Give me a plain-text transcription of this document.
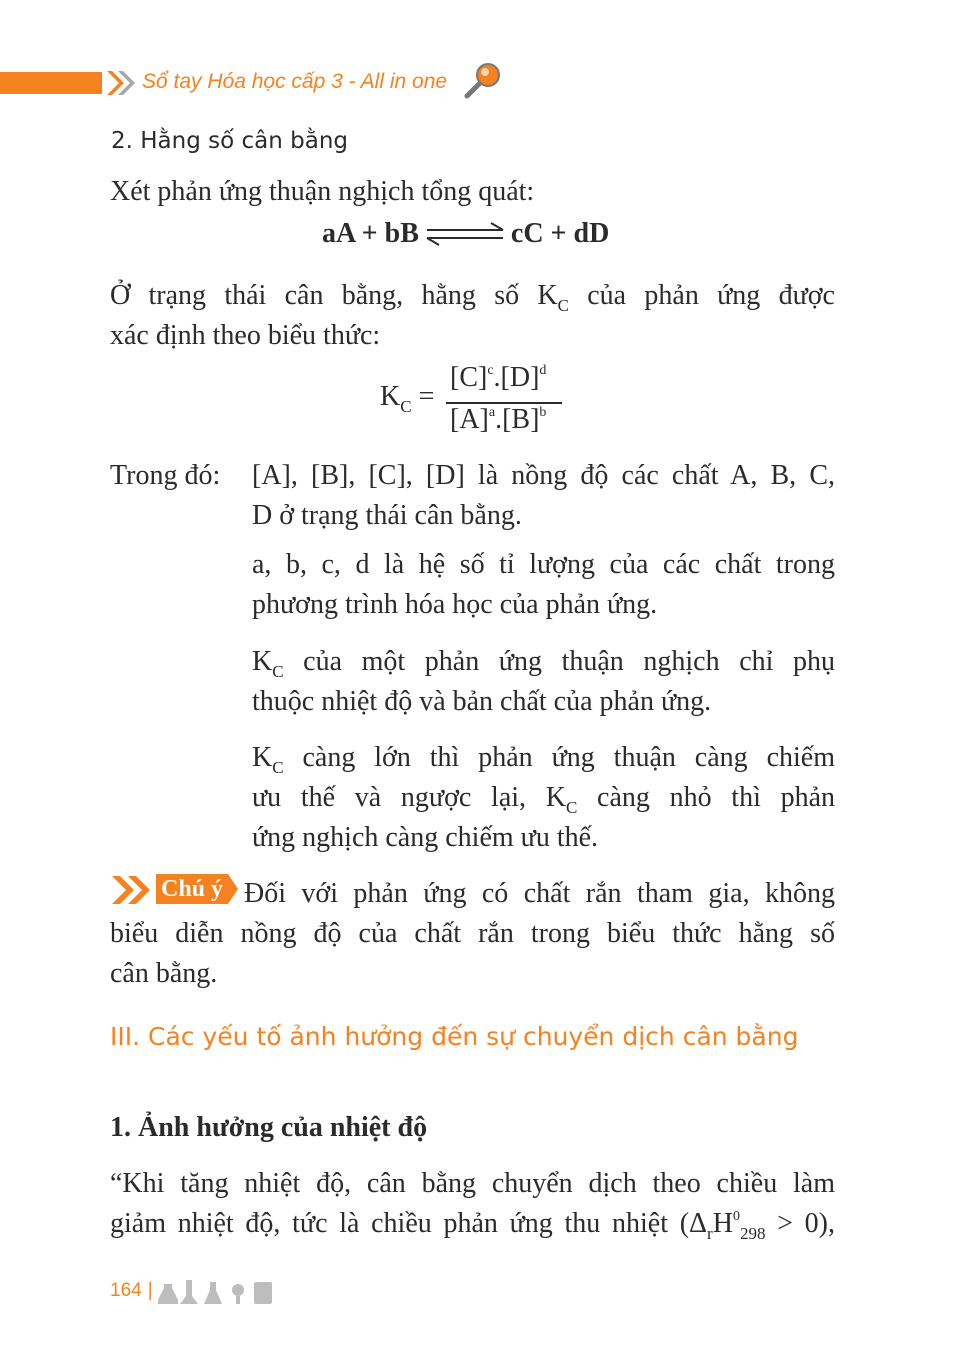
Sổ tay Hóa học cấp 3 - All in one
2. Hằng số cân bằng

Xét phản ứng thuận nghịch tổng quát:

aA + bB ⇌ cC + dD

Ở trạng thái cân bằng, hằng số $K_C$ của phản ứng được

xác định theo biểu thức:

$K_C$ =
$[C]^c.[D]^d$
$[A]^a.[B]^b$

Trong đó: [A], [B], [C], [D] là nồng độ các chất A, B, C,

D ở trạng thái cân bằng.

a, b, c, d là hệ số tỉ lượng của các chất trong

phương trình hóa học của phản ứng.

$K_C$ của một phản ứng thuận nghịch chỉ phụ

thuộc nhiệt độ và bản chất của phản ứng.

$K_C$ càng lớn thì phản ứng thuận càng chiếm

ưu thế và ngược lại, $K_C$ càng nhỏ thì phản

ứng nghịch càng chiếm ưu thế.

Chú ý Đối với phản ứng có chất rắn tham gia, không

biểu diễn nồng độ của chất rắn trong biểu thức hằng số

cân bằng.

III. Các yếu tố ảnh hưởng đến sự chuyển dịch cân bằng

1. Ảnh hưởng của nhiệt độ

“Khi tăng nhiệt độ, cân bằng chuyển dịch theo chiều làm

giảm nhiệt độ, tức là chiều phản ứng thu nhiệt $(\Delta_rH^0_{298} > 0)$,

164 |
